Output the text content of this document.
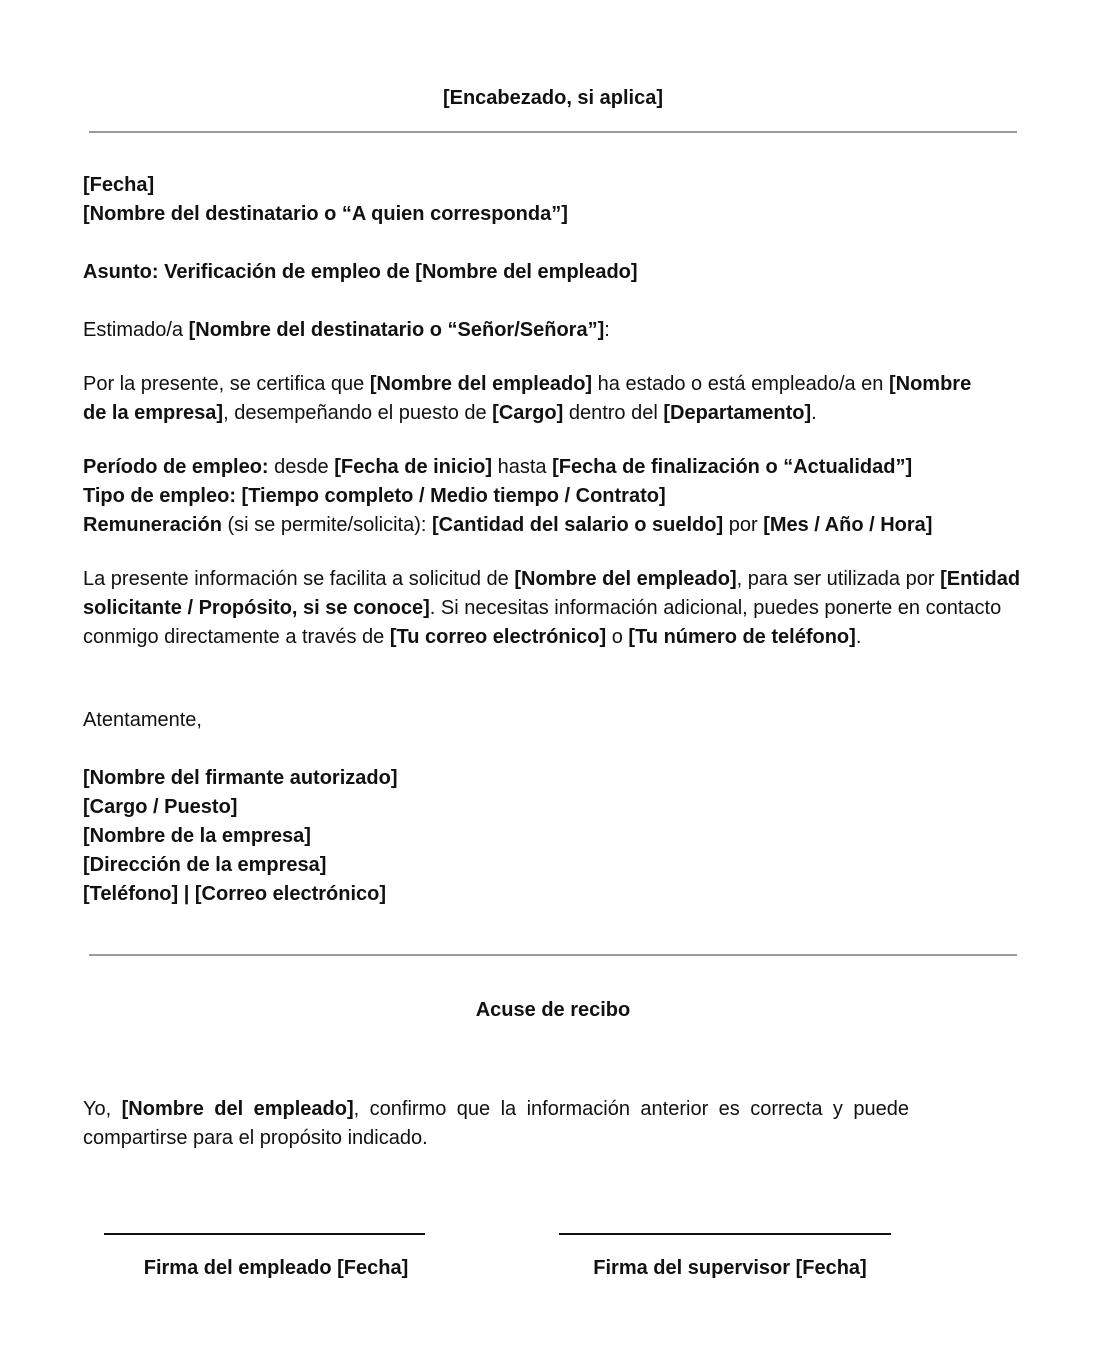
[Encabezado, si aplica]

[Fecha]

[Nombre del destinatario o “A quien corresponda”]

Asunto: Verificación de empleo de [Nombre del empleado]

Estimado/a [Nombre del destinatario o “Señor/Señora”]:

Por la presente, se certifica que [Nombre del empleado] ha estado o está empleado/a en [Nombre de la empresa], desempeñando el puesto de [Cargo] dentro del [Departamento].

Período de empleo: desde [Fecha de inicio] hasta [Fecha de finalización o “Actualidad”]

Tipo de empleo: [Tiempo completo / Medio tiempo / Contrato]

Remuneración (si se permite/solicita): [Cantidad del salario o sueldo] por [Mes / Año / Hora]

La presente información se facilita a solicitud de [Nombre del empleado], para ser utilizada por [Entidad solicitante / Propósito, si se conoce]. Si necesitas información adicional, puedes ponerte en contacto conmigo directamente a través de [Tu correo electrónico] o [Tu número de teléfono].

Atentamente,

[Nombre del firmante autorizado]

[Cargo / Puesto]

[Nombre de la empresa]

[Dirección de la empresa]

[Teléfono] | [Correo electrónico]

Acuse de recibo

Yo, [Nombre del empleado], confirmo que la información anterior es correcta y puede compartirse para el propósito indicado.

Firma del empleado [Fecha]	Firma del supervisor [Fecha]
